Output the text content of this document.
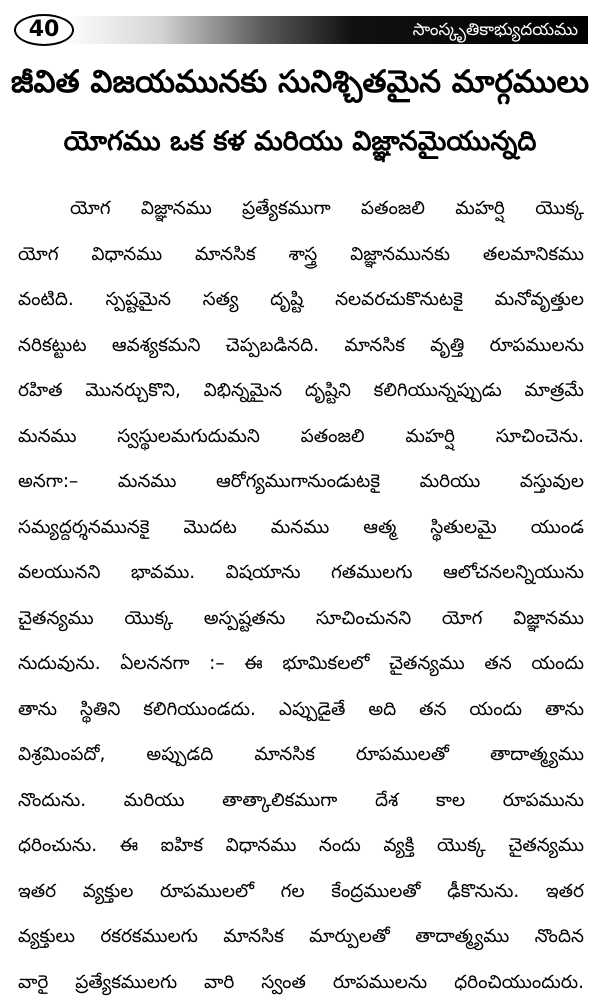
40	సాంస్కృతికాభ్యుదయము
జీవిత విజయమునకు సునిశ్చితమైన మార్గములు
యోగము ఒక కళ మరియు విజ్ఞానమైయున్నది
యోగ విజ్ఞానము ప్రత్యేకముగా పతంజలి మహర్షి యొక్క
యోగ విధానము మానసిక శాస్త్ర విజ్ఞానమునకు తలమానికము
వంటిది. స్పష్టమైన సత్య దృష్టి నలవరచుకొనుటకై మనోవృత్తుల
నరికట్టుట ఆవశ్యకమని చెప్పబడినది. మానసిక వృత్తి రూపములను
రహిత మొనర్చుకొని, విభిన్నమైన దృష్టిని కలిగియున్నప్పుడు మాత్రమే
మనము స్వస్థులమగుదుమని పతంజలి మహర్షి సూచించెను.
అనగా:– మనము ఆరోగ్యముగానుండుటకై మరియు వస్తువుల
సమ్యద్దర్శనమునకై మొదట మనము ఆత్మ స్థితులమై యుండ
వలయునని భావము. విషయాను గతములగు ఆలోచనలన్నియును
చైతన్యము యొక్క అస్పష్టతను సూచించునని యోగ విజ్ఞానము
నుదువును. ఏలననగా :– ఈ భూమికలలో చైతన్యము తన యందు
తాను స్థితిని కలిగియుండదు. ఎప్పుడైతే అది తన యందు తాను
విశ్రమింపదో, అప్పుడది మానసిక రూపములతో తాదాత్మ్యము
నొందును. మరియు తాత్కాలికముగా దేశ కాల రూపమును
ధరించును. ఈ ఐహిక విధానము నందు వ్యక్తి యొక్క చైతన్యము
ఇతర వ్యక్తుల రూపములలో గల కేంద్రములతో ఢీకొనును. ఇతర
వ్యక్తులు రకరకములగు మానసిక మార్పులతో తాదాత్మ్యము నొందిన
వారై ప్రత్యేకములగు వారి స్వంత రూపములను ధరించియుందురు.
